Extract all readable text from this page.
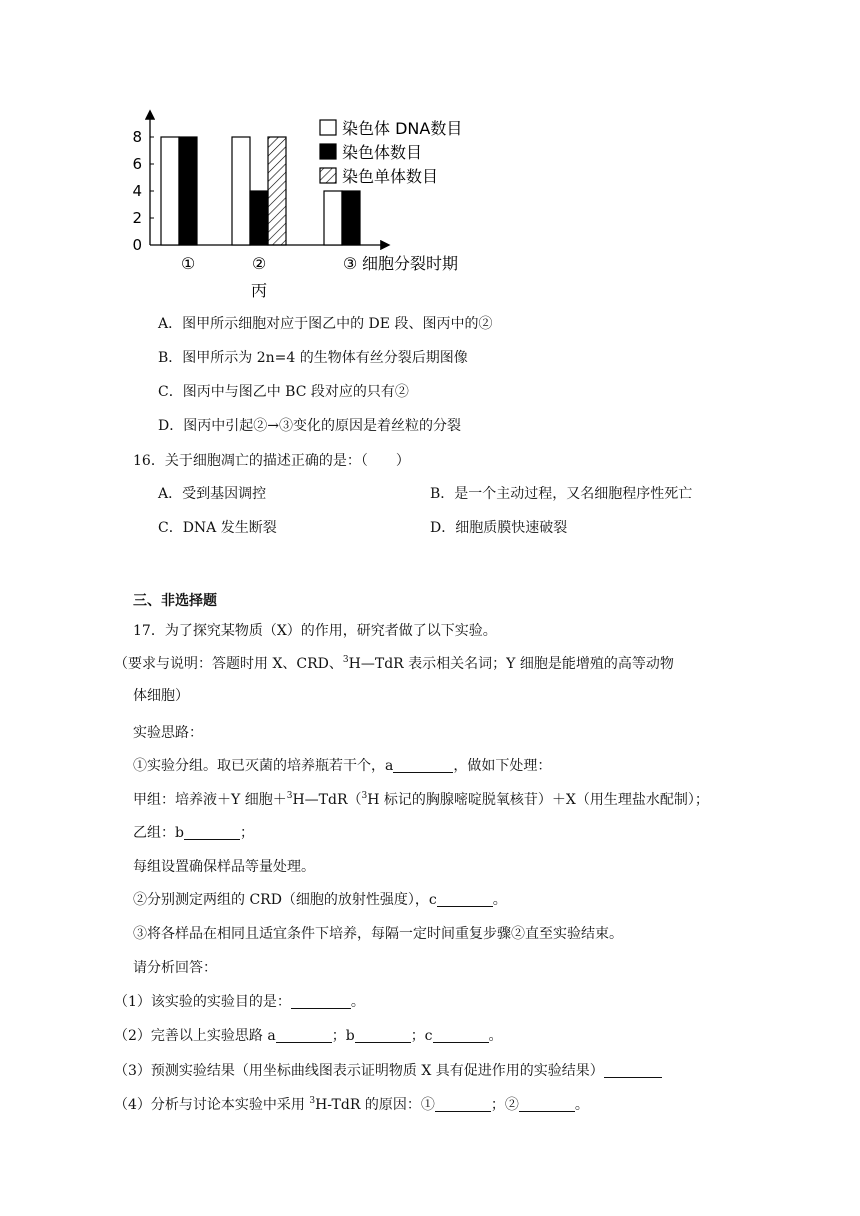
0
2
4
6
8
①	②	③ 细胞分裂时期
丙
染色体 DNA数目
染色体数目
染色单体数目
A．图甲所示细胞对应于图乙中的 DE 段、图丙中的②
B．图甲所示为 2n=4 的生物体有丝分裂后期图像
C．图丙中与图乙中 BC 段对应的只有②
D．图丙中引起②→③变化的原因是着丝粒的分裂
16．关于细胞凋亡的描述正确的是：（　　）
A．受到基因调控	B．是一个主动过程，又名细胞程序性死亡
C．DNA 发生断裂	D．细胞质膜快速破裂
三、非选择题
17．为了探究某物质（X）的作用，研究者做了以下实验。
（要求与说明：答题时用 X、CRD、$^3$H—TdR 表示相关名词；Y 细胞是能增殖的高等动物
体细胞）
实验思路：
①实验分组。取已灭菌的培养瓶若干个，a	，做如下处理：
甲组：培养液＋Y 细胞＋$^3$H—TdR（$^3$H 标记的胸腺嘧啶脱氧核苷）＋X（用生理盐水配制）；
乙组：b	；
每组设置确保样品等量处理。
②分别测定两组的 CRD（细胞的放射性强度），c	。
③将各样品在相同且适宜条件下培养，每隔一定时间重复步骤②直至实验结束。
请分析回答：
（1）该实验的实验目的是：	。
（2）完善以上实验思路 a	；b	；c	。
（3）预测实验结果（用坐标曲线图表示证明物质 X 具有促进作用的实验结果）
（4）分析与讨论本实验中采用 $^3$H-TdR 的原因：①	；②	。
